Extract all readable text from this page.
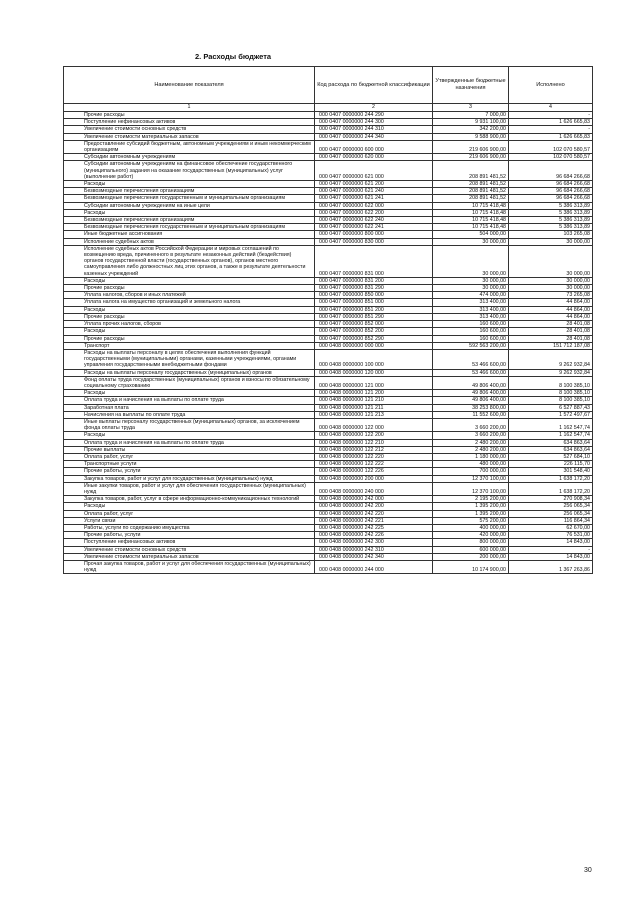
2. Расходы бюджета
Наименование показателя	Код расхода по бюджетной классификации	Утвержденные бюджетные назначения	Исполнено
1	2	3	4
Прочие расходы	000 0407 0000000 244 290	7 000,00	-
Поступление нефинансовых активов	000 0407 0000000 244 300	9 931 100,00	1 626 665,83
Увеличение стоимости основных средств	000 0407 0000000 244 310	342 200,00	-
Увеличение стоимости материальных запасов	000 0407 0000000 244 340	9 588 900,00	1 626 665,83
Предоставление субсидий бюджетным, автономным учреждениям и иным некоммерческим организациям	000 0407 0000000 600 000	219 606 900,00	102 070 580,57
Субсидии автономным учреждениям	000 0407 0000000 620 000	219 606 900,00	102 070 580,57
Субсидии автономным учреждениям на финансовое обеспечение государственного (муниципального) задания на оказание государственных (муниципальных) услуг (выполнение работ)	000 0407 0000000 621 000	208 891 481,52	96 684 266,68
Расходы	000 0407 0000000 621 200	208 891 481,52	96 684 266,68
Безвозмездные перечисления организациям	000 0407 0000000 621 240	208 891 481,52	96 684 266,68
Безвозмездные перечисления государственным и муниципальным организациям	000 0407 0000000 621 241	208 891 481,52	96 684 266,68
Субсидии автономным учреждениям на иные цели	000 0407 0000000 622 000	10 715 418,48	5 386 313,89
Расходы	000 0407 0000000 622 200	10 715 418,48	5 386 313,89
Безвозмездные перечисления организациям	000 0407 0000000 622 240	10 715 418,48	5 386 313,89
Безвозмездные перечисления государственным и муниципальным организациям	000 0407 0000000 622 241	10 715 418,48	5 386 313,89
Иные бюджетные ассигнования	000 0407 0000000 800 000	504 000,00	103 265,08
Исполнение судебных актов	000 0407 0000000 830 000	30 000,00	30 000,00
Исполнение судебных актов Российской Федерации и мировых соглашений по возмещению вреда, причиненного в результате незаконных действий (бездействия) органов государственной власти (государственных органов), органов местного самоуправления либо должностных лиц этих органов, а также в результате деятельности казенных учреждений	000 0407 0000000 831 000	30 000,00	30 000,00
Расходы	000 0407 0000000 831 200	30 000,00	30 000,00
Прочие расходы	000 0407 0000000 831 290	30 000,00	30 000,00
Уплата налогов, сборов и иных платежей	000 0407 0000000 850 000	474 000,00	73 265,08
Уплата налога на имущество организаций и земельного налога	000 0407 0000000 851 000	313 400,00	44 864,00
Расходы	000 0407 0000000 851 200	313 400,00	44 864,00
Прочие расходы	000 0407 0000000 851 290	313 400,00	44 864,00
Уплата прочих налогов, сборов	000 0407 0000000 852 000	160 600,00	28 401,08
Расходы	000 0407 0000000 852 200	160 600,00	28 401,08
Прочие расходы	000 0407 0000000 852 290	160 600,00	28 401,08
Транспорт	000 0408 0000000 000 000	592 563 200,00	151 712 187,08
Расходы на выплаты персоналу в целях обеспечения выполнения функций государственными (муниципальными) органами, казенными учреждениями, органами управления государственными внебюджетными фондами	000 0408 0000000 100 000	53 466 600,00	9 262 932,84
Расходы на выплаты персоналу государственных (муниципальных) органов	000 0408 0000000 120 000	53 466 600,00	9 262 932,84
Фонд оплаты труда государственных (муниципальных) органов и взносы по обязательному социальному страхованию	000 0408 0000000 121 000	49 806 400,00	8 100 385,10
Расходы	000 0408 0000000 121 200	49 806 400,00	8 100 385,10
Оплата труда и начисления на выплаты по оплате труда	000 0408 0000000 121 210	49 806 400,00	8 100 385,10
Заработная плата	000 0408 0000000 121 211	38 253 800,00	6 527 887,43
Начисления на выплаты по оплате труда	000 0408 0000000 121 213	11 552 600,00	1 572 497,67
Иные выплаты персоналу государственных (муниципальных) органов, за исключением фонда оплаты труда	000 0408 0000000 122 000	3 660 200,00	1 162 547,74
Расходы	000 0408 0000000 122 200	3 660 200,00	1 162 547,74
Оплата труда и начисления на выплаты по оплате труда	000 0408 0000000 122 210	2 480 200,00	634 863,64
Прочие выплаты	000 0408 0000000 122 212	2 480 200,00	634 863,64
Оплата работ, услуг	000 0408 0000000 122 220	1 180 000,00	527 684,10
Транспортные услуги	000 0408 0000000 122 222	480 000,00	226 115,70
Прочие работы, услуги	000 0408 0000000 122 226	700 000,00	301 548,40
Закупка товаров, работ и услуг для государственных (муниципальных) нужд	000 0408 0000000 200 000	12 370 100,00	1 638 172,20
Иные закупки товаров, работ и услуг для обеспечения государственных (муниципальных) нужд	000 0408 0000000 240 000	12 370 100,00	1 638 172,20
Закупка товаров, работ, услуг в сфере информационно-коммуникационных технологий	000 0408 0000000 242 000	2 195 200,00	270 908,34
Расходы	000 0408 0000000 242 200	1 395 200,00	256 065,34
Оплата работ, услуг	000 0408 0000000 242 220	1 395 200,00	256 065,34
Услуги связи	000 0408 0000000 242 221	575 200,00	116 864,34
Работы, услуги по содержанию имущества	000 0408 0000000 242 225	400 000,00	62 670,00
Прочие работы, услуги	000 0408 0000000 242 226	420 000,00	76 531,00
Поступление нефинансовых активов	000 0408 0000000 242 300	800 000,00	14 843,00
Увеличение стоимости основных средств	000 0408 0000000 242 310	600 000,00	-
Увеличение стоимости материальных запасов	000 0408 0000000 242 340	200 000,00	14 843,00
Прочая закупка товаров, работ и услуг для обеспечения государственных (муниципальных) нужд	000 0408 0000000 244 000	10 174 900,00	1 367 263,86
30
